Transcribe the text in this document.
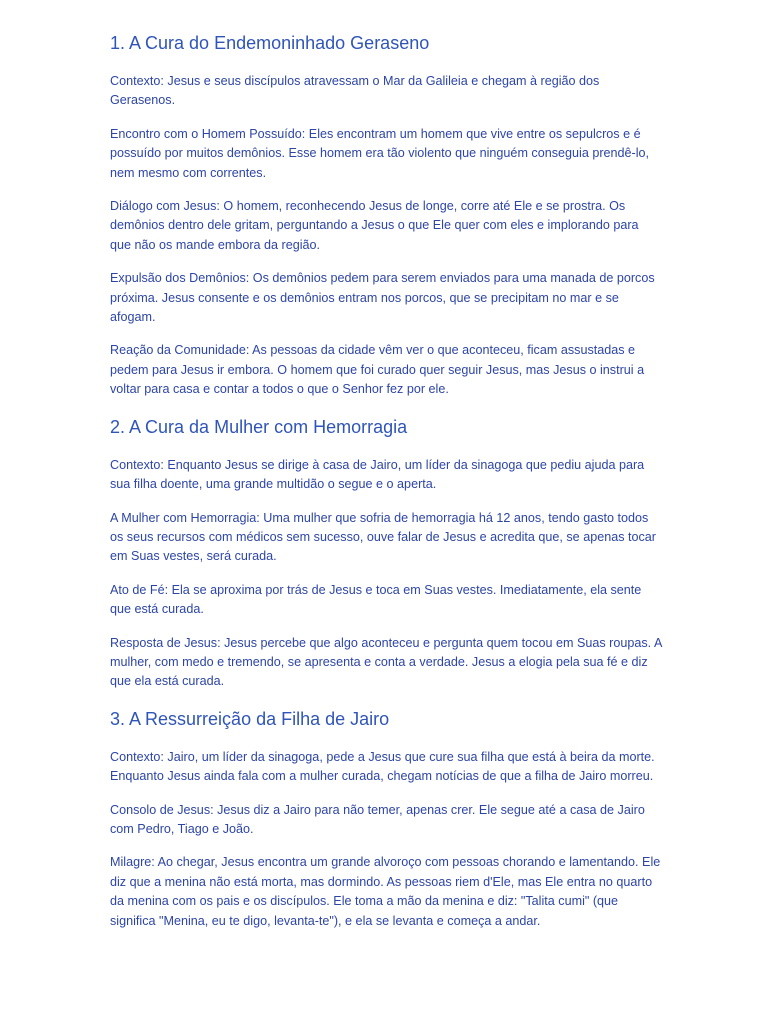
1. A Cura do Endemoninhado Geraseno

Contexto: Jesus e seus discípulos atravessam o Mar da Galileia e chegam à região dos Gerasenos.

Encontro com o Homem Possuído: Eles encontram um homem que vive entre os sepulcros e é possuído por muitos demônios. Esse homem era tão violento que ninguém conseguia prendê-lo, nem mesmo com correntes.

Diálogo com Jesus: O homem, reconhecendo Jesus de longe, corre até Ele e se prostra. Os demônios dentro dele gritam, perguntando a Jesus o que Ele quer com eles e implorando para que não os mande embora da região.

Expulsão dos Demônios: Os demônios pedem para serem enviados para uma manada de porcos próxima. Jesus consente e os demônios entram nos porcos, que se precipitam no mar e se afogam.

Reação da Comunidade: As pessoas da cidade vêm ver o que aconteceu, ficam assustadas e pedem para Jesus ir embora. O homem que foi curado quer seguir Jesus, mas Jesus o instrui a voltar para casa e contar a todos o que o Senhor fez por ele.

2. A Cura da Mulher com Hemorragia

Contexto: Enquanto Jesus se dirige à casa de Jairo, um líder da sinagoga que pediu ajuda para sua filha doente, uma grande multidão o segue e o aperta.

A Mulher com Hemorragia: Uma mulher que sofria de hemorragia há 12 anos, tendo gasto todos os seus recursos com médicos sem sucesso, ouve falar de Jesus e acredita que, se apenas tocar em Suas vestes, será curada.

Ato de Fé: Ela se aproxima por trás de Jesus e toca em Suas vestes. Imediatamente, ela sente que está curada.

Resposta de Jesus: Jesus percebe que algo aconteceu e pergunta quem tocou em Suas roupas. A mulher, com medo e tremendo, se apresenta e conta a verdade. Jesus a elogia pela sua fé e diz que ela está curada.

3. A Ressurreição da Filha de Jairo

Contexto: Jairo, um líder da sinagoga, pede a Jesus que cure sua filha que está à beira da morte. Enquanto Jesus ainda fala com a mulher curada, chegam notícias de que a filha de Jairo morreu.

Consolo de Jesus: Jesus diz a Jairo para não temer, apenas crer. Ele segue até a casa de Jairo com Pedro, Tiago e João.

Milagre: Ao chegar, Jesus encontra um grande alvoroço com pessoas chorando e lamentando. Ele diz que a menina não está morta, mas dormindo. As pessoas riem d'Ele, mas Ele entra no quarto da menina com os pais e os discípulos. Ele toma a mão da menina e diz: "Talita cumi" (que significa "Menina, eu te digo, levanta-te"), e ela se levanta e começa a andar.
